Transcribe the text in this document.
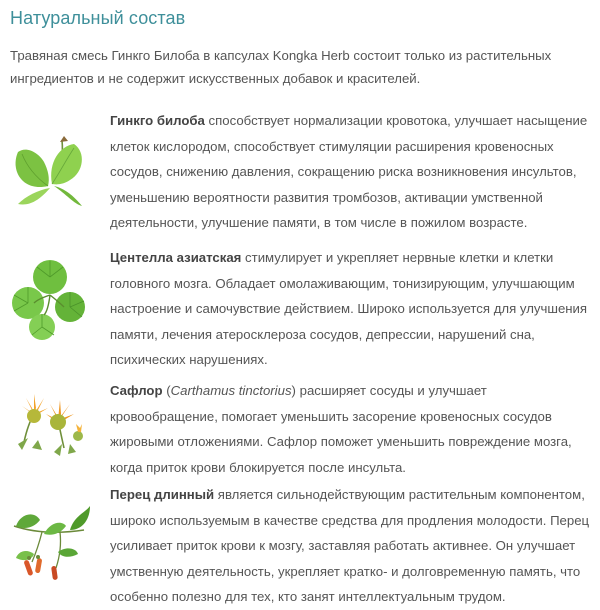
Натуральный состав

Травяная смесь Гинкго Билоба в капсулах Kongka Herb состоит только из растительных ингредиентов и не содержит искусственных добавок и красителей.

Гинкго билоба способствует нормализации кровотока, улучшает насыщение клеток кислородом, способствует стимуляции расширения кровеносных сосудов, снижению давления, сокращению риска возникновения инсультов, уменьшению вероятности развития тромбозов, активации умственной деятельности, улучшение памяти, в том числе в пожилом возрасте.

Центелла азиатская стимулирует и укрепляет нервные клетки и клетки головного мозга. Обладает омолаживающим, тонизирующим, улучшающим настроение и самочувствие действием. Широко используется для улучшения памяти, лечения атеросклероза сосудов, депрессии, нарушений сна, психических нарушениях.

Сафлор (Carthamus tinctorius) расширяет сосуды и улучшает кровообращение, помогает уменьшить засорение кровеносных сосудов жировыми отложениями. Сафлор поможет уменьшить повреждение мозга, когда приток крови блокируется после инсульта.

Перец длинный является сильнодействующим растительным компонентом, широко используемым в качестве средства для продления молодости. Перец усиливает приток крови к мозгу, заставляя работать активнее. Он улучшает умственную деятельность, укрепляет кратко- и долговременную память, что особенно полезно для тех, кто занят интеллектуальным трудом.
